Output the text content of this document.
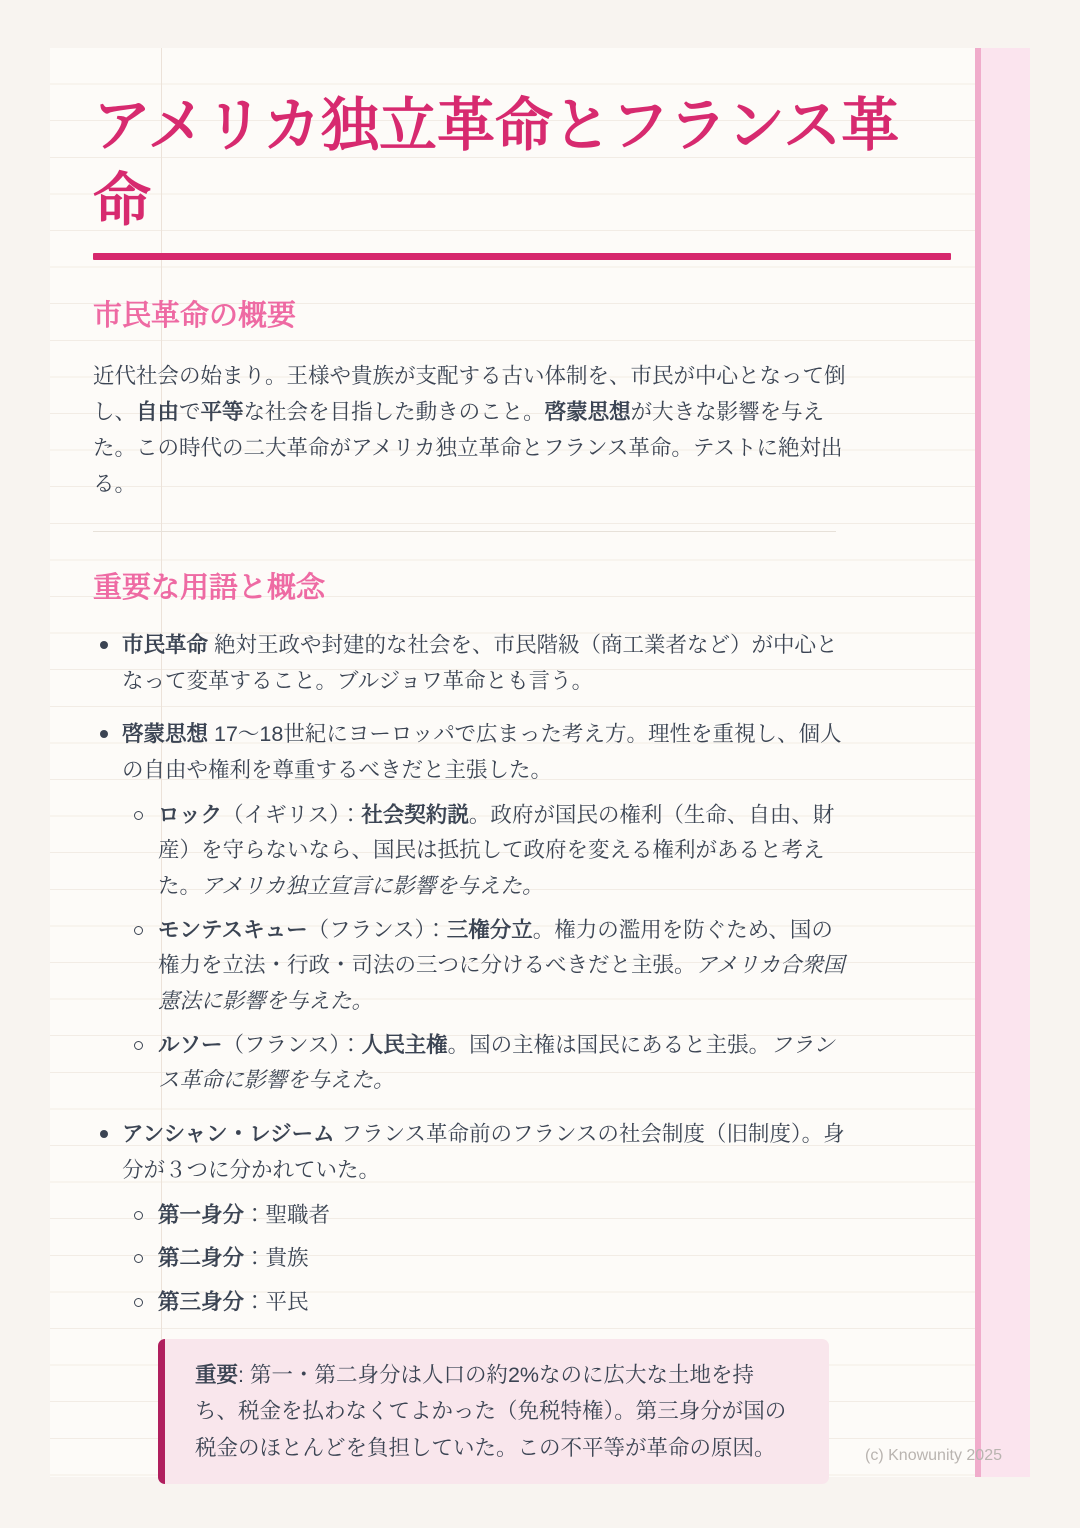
アメリカ独立革命とフランス革命
市民革命の概要

近代社会の始まり。王様や貴族が支配する古い体制を、市民が中心となって倒し、自由で平等な社会を目指した動きのこと。啓蒙思想が大きな影響を与えた。この時代の二大革命がアメリカ独立革命とフランス革命。テストに絶対出る。

重要な用語と概念
市民革命 絶対王政や封建的な社会を、市民階級（商工業者など）が中心となって変革すること。ブルジョワ革命とも言う。
啓蒙思想 17〜18世紀にヨーロッパで広まった考え方。理性を重視し、個人の自由や権利を尊重するべきだと主張した。
ロック（イギリス）：社会契約説。政府が国民の権利（生命、自由、財産）を守らないなら、国民は抵抗して政府を変える権利があると考えた。アメリカ独立宣言に影響を与えた。
モンテスキュー（フランス）：三権分立。権力の濫用を防ぐため、国の権力を立法・行政・司法の三つに分けるべきだと主張。アメリカ合衆国憲法に影響を与えた。
ルソー（フランス）：人民主権。国の主権は国民にあると主張。フランス革命に影響を与えた。
アンシャン・レジーム フランス革命前のフランスの社会制度（旧制度）。身分が３つに分かれていた。
第一身分：聖職者
第二身分：貴族
第三身分：平民

重要: 第一・第二身分は人口の約2%なのに広大な土地を持ち、税金を払わなくてよかった（免税特権）。第三身分が国の税金のほとんどを負担していた。この不平等が革命の原因。	(c) Knowunity 2025
